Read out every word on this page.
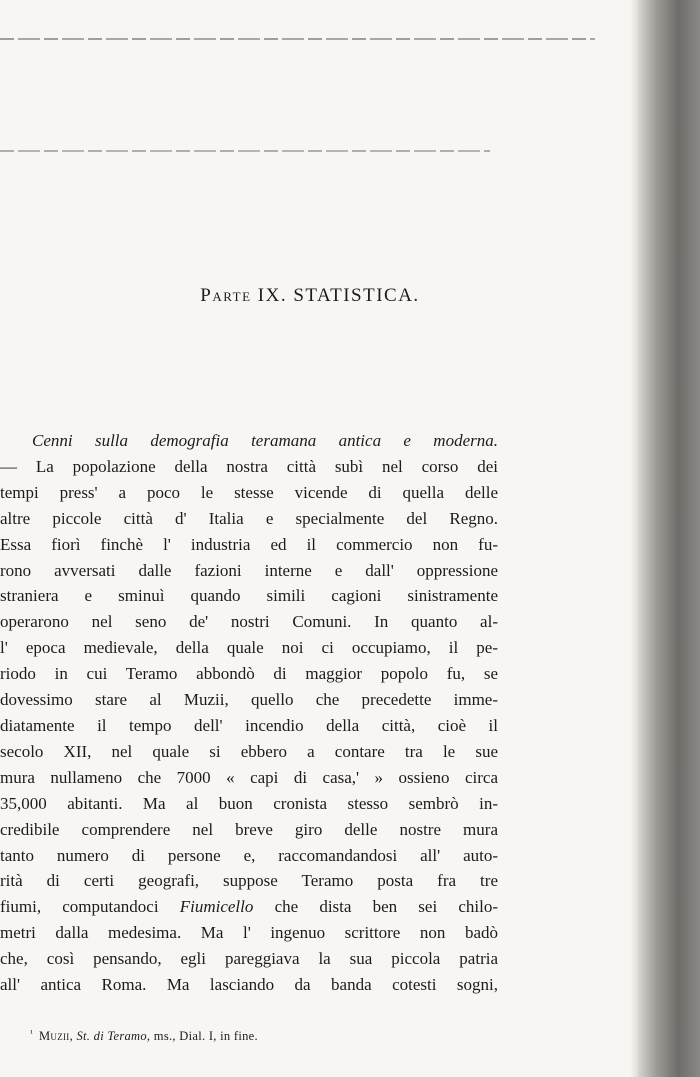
Parte IX. STATISTICA.
Cenni sulla demografia teramana antica e moderna.
— La popolazione della nostra città subì nel corso dei
tempi press' a poco le stesse vicende di quella delle
altre piccole città d' Italia e specialmente del Regno.
Essa fiorì finchè l' industria ed il commercio non fu-
rono avversati dalle fazioni interne e dall' oppressione
straniera e sminuì quando simili cagioni sinistramente
operarono nel seno de' nostri Comuni. In quanto al-
l' epoca medievale, della quale noi ci occupiamo, il pe-
riodo in cui Teramo abbondò di maggior popolo fu, se
dovessimo stare al Muzii, quello che precedette imme-
diatamente il tempo dell' incendio della città, cioè il
secolo XII, nel quale si ebbero a contare tra le sue
mura nullameno che 7000 « capi di casa,' » ossieno circa
35,000 abitanti. Ma al buon cronista stesso sembrò in-
credibile comprendere nel breve giro delle nostre mura
tanto numero di persone e, raccomandandosi all' auto-
rità di certi geografi, suppose Teramo posta fra tre
fiumi, computandoci Fiumicello che dista ben sei chilo-
metri dalla medesima. Ma l' ingenuo scrittore non badò
che, così pensando, egli pareggiava la sua piccola patria
all' antica Roma. Ma lasciando da banda cotesti sogni,
$^{^1}$ Muzii, St. di Teramo, ms., Dial. I, in fine.
